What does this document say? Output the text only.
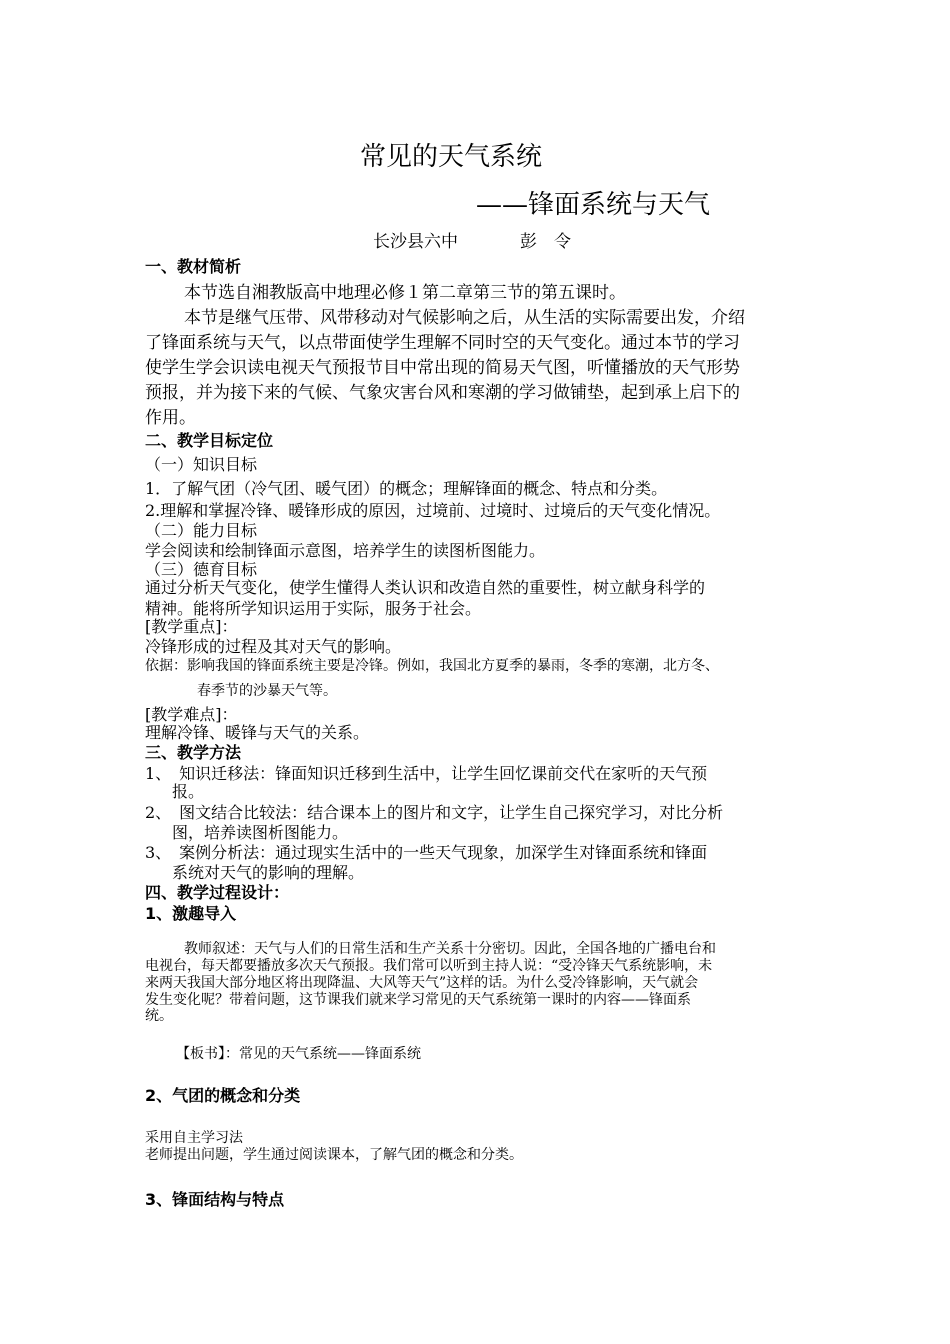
常见的天气系统
——锋面系统与天气
长沙县六中	彭　令
一、教材简析
本节选自湘教版高中地理必修１第二章第三节的第五课时。
本节是继气压带、风带移动对气候影响之后，从生活的实际需要出发，介绍
了锋面系统与天气，以点带面使学生理解不同时空的天气变化。通过本节的学习
使学生学会识读电视天气预报节目中常出现的简易天气图，听懂播放的天气形势
预报，并为接下来的气候、气象灾害台风和寒潮的学习做铺垫，起到承上启下的
作用。
二、教学目标定位
（一）知识目标
1．了解气团（冷气团、暖气团）的概念；理解锋面的概念、特点和分类。
2.理解和掌握冷锋、暖锋形成的原因，过境前、过境时、过境后的天气变化情况。
（二）能力目标
学会阅读和绘制锋面示意图，培养学生的读图析图能力。
（三）德育目标
通过分析天气变化，使学生懂得人类认识和改造自然的重要性，树立献身科学的
精神。能将所学知识运用于实际，服务于社会。
[教学重点]：
冷锋形成的过程及其对天气的影响。
依据：影响我国的锋面系统主要是冷锋。例如，我国北方夏季的暴雨，冬季的寒潮，北方冬、
春季节的沙暴天气等。
[教学难点]：
理解冷锋、暖锋与天气的关系。
三、教学方法
1、　知识迁移法：锋面知识迁移到生活中，让学生回忆课前交代在家听的天气预
报。
2、　图文结合比较法：结合课本上的图片和文字，让学生自己探究学习，对比分析
图，培养读图析图能力。
3、　案例分析法：通过现实生活中的一些天气现象，加深学生对锋面系统和锋面
系统对天气的影响的理解。
四、教学过程设计：
1、激趣导入
教师叙述：天气与人们的日常生活和生产关系十分密切。因此，全国各地的广播电台和
电视台，每天都要播放多次天气预报。我们常可以听到主持人说：“受冷锋天气系统影响，未
来两天我国大部分地区将出现降温、大风等天气”这样的话。为什么受冷锋影响，天气就会
发生变化呢？带着问题，这节课我们就来学习常见的天气系统第一课时的内容——锋面系
统。
【板书】：常见的天气系统——锋面系统
2、气团的概念和分类
采用自主学习法
老师提出问题，学生通过阅读课本，了解气团的概念和分类。
3、锋面结构与特点
